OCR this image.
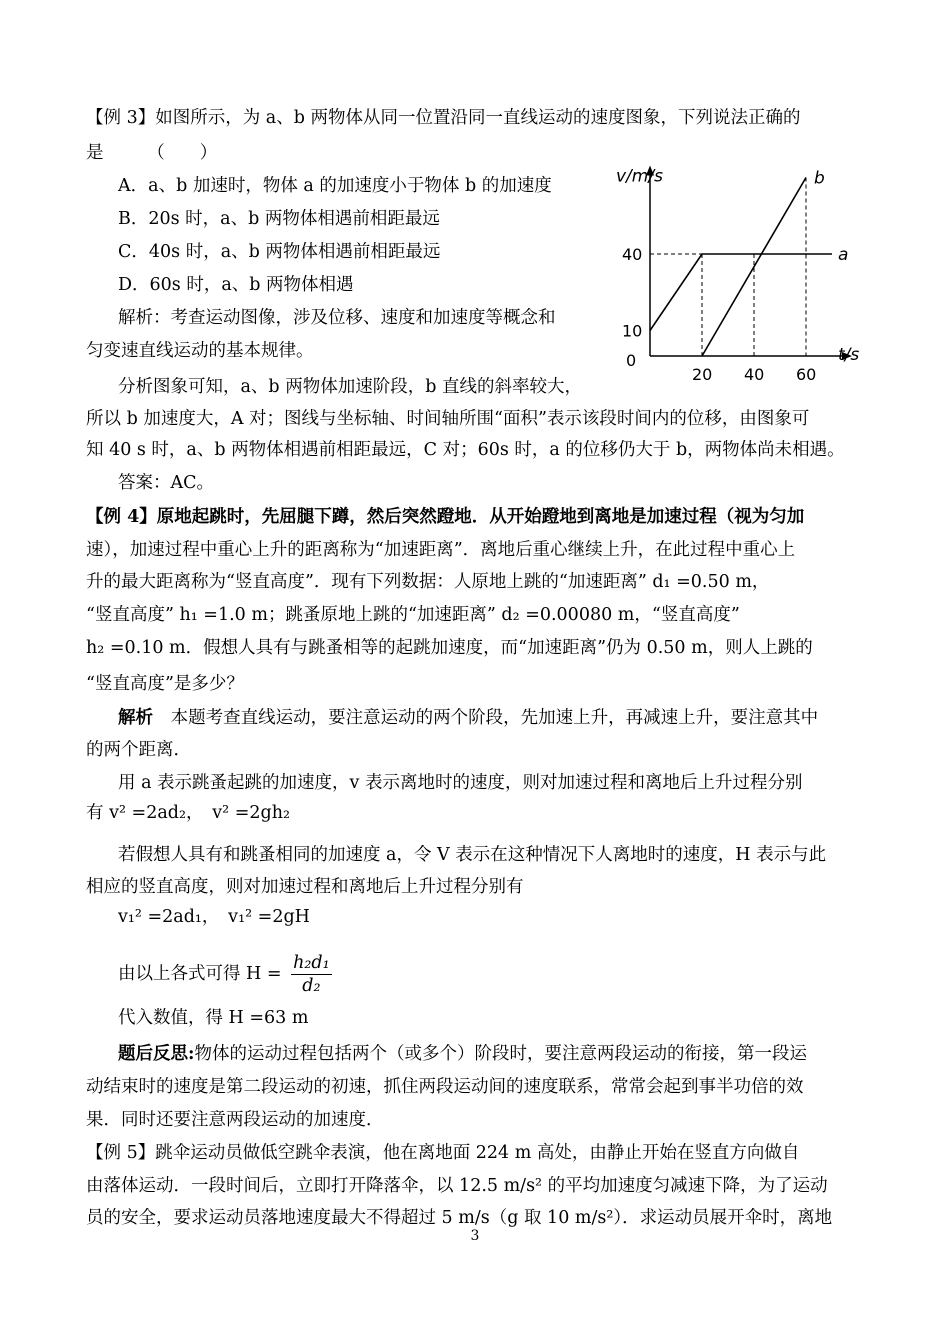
【例 3】如图所示，为 a、b 两物体从同一位置沿同一直线运动的速度图象，下列说法正确的
是　　　（　　）
A．a、b 加速时，物体 a 的加速度小于物体 b 的加速度
B．20s 时，a、b 两物体相遇前相距最远
C．40s 时，a、b 两物体相遇前相距最远
D．60s 时，a、b 两物体相遇
解析：考查运动图像，涉及位移、速度和加速度等概念和
匀变速直线运动的基本规律。
分析图象可知，a、b 两物体加速阶段，b 直线的斜率较大，
所以 b 加速度大，A 对；图线与坐标轴、时间轴所围“面积”表示该段时间内的位移，由图象可
知 40 s 时，a、b 两物体相遇前相距最远，C 对；60s 时，a 的位移仍大于 b，两物体尚未相遇。
答案：AC。
v/m/s
t/s
0
10
40
20 40 60
a
b
【例 4】原地起跳时，先屈腿下蹲，然后突然蹬地．从开始蹬地到离地是加速过程（视为匀加
速），加速过程中重心上升的距离称为“加速距离”．离地后重心继续上升，在此过程中重心上
升的最大距离称为“竖直高度”．现有下列数据：人原地上跳的“加速距离” d₁ =0.50 m，
“竖直高度” h₁ =1.0 m；跳蚤原地上跳的“加速距离” d₂ =0.00080 m，“竖直高度”
h₂ =0.10 m．假想人具有与跳蚤相等的起跳加速度，而“加速距离”仍为 0.50 m，则人上跳的
“竖直高度”是多少？
解析 本题考查直线运动，要注意运动的两个阶段，先加速上升，再减速上升，要注意其中
的两个距离．
用 a 表示跳蚤起跳的加速度，v 表示离地时的速度，则对加速过程和离地后上升过程分别
有 v² =2ad₂，　v² =2gh₂
若假想人具有和跳蚤相同的加速度 a，令 V 表示在这种情况下人离地时的速度，H 表示与此
相应的竖直高度，则对加速过程和离地后上升过程分别有
v₁² =2ad₁，　v₁² =2gH
由以上各式可得 $H = \frac{\text{h₂d₁}}{\text{d₂}}$
代入数值，得 H =63 m
题后反思:物体的运动过程包括两个（或多个）阶段时，要注意两段运动的衔接，第一段运
动结束时的速度是第二段运动的初速，抓住两段运动间的速度联系，常常会起到事半功倍的效
果．同时还要注意两段运动的加速度．
【例 5】跳伞运动员做低空跳伞表演，他在离地面 224 m 高处，由静止开始在竖直方向做自
由落体运动．一段时间后，立即打开降落伞，以 12.5 m/s² 的平均加速度匀减速下降，为了运动
员的安全，要求运动员落地速度最大不得超过 5 m/s（g 取 10 m/s²）．求运动员展开伞时，离地
3
